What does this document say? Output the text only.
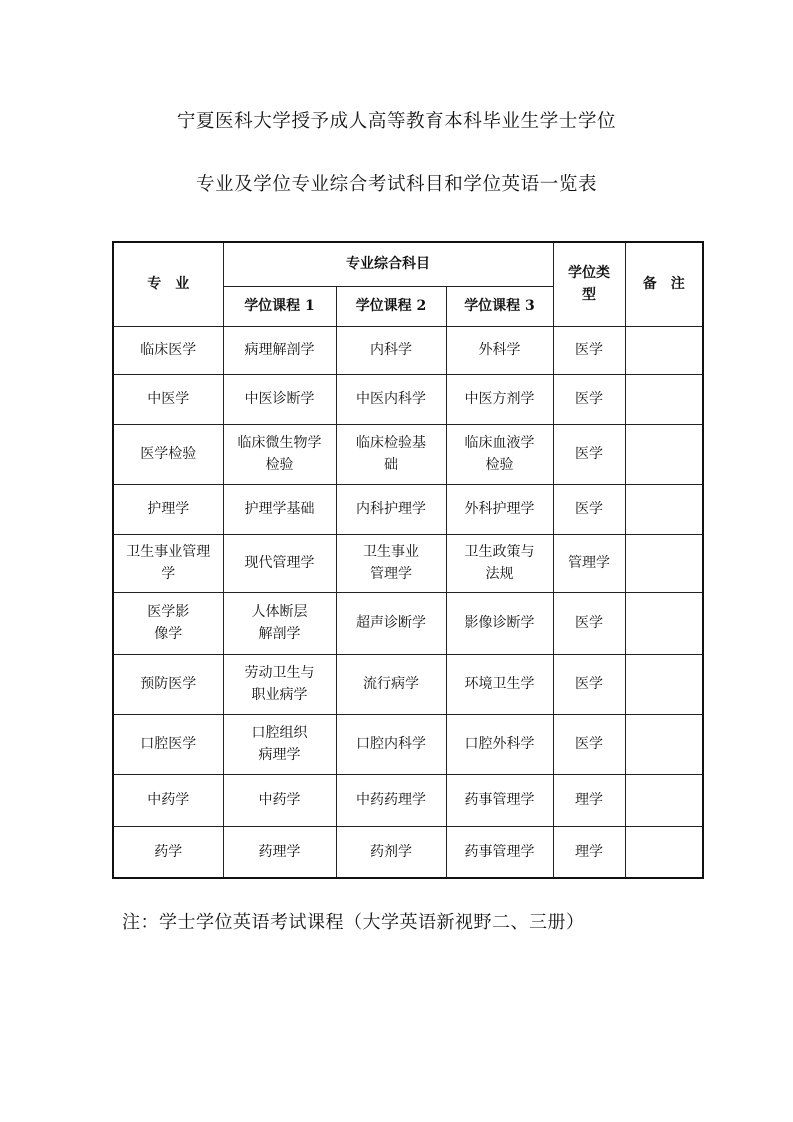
宁夏医科大学授予成人高等教育本科毕业生学士学位
专业及学位专业综合考试科目和学位英语一览表
专　业	专业综合科目			学位类型	备　注
	学位课程 1	学位课程 2	学位课程 3		
临床医学	病理解剖学	内科学	外科学	医学	
中医学	中医诊断学	中医内科学	中医方剂学	医学	
医学检验	临床微生物学检验	临床检验基础	临床血液学检验	医学	
护理学	护理学基础	内科护理学	外科护理学	医学	
卫生事业管理学	现代管理学	卫生事业管理学	卫生政策与法规	管理学	
医学影像学	人体断层解剖学	超声诊断学	影像诊断学	医学	
预防医学	劳动卫生与职业病学	流行病学	环境卫生学	医学	
口腔医学	口腔组织病理学	口腔内科学	口腔外科学	医学	
中药学	中药学	中药药理学	药事管理学	理学	
药学	药理学	药剂学	药事管理学	理学	
注：学士学位英语考试课程（大学英语新视野二、三册）
